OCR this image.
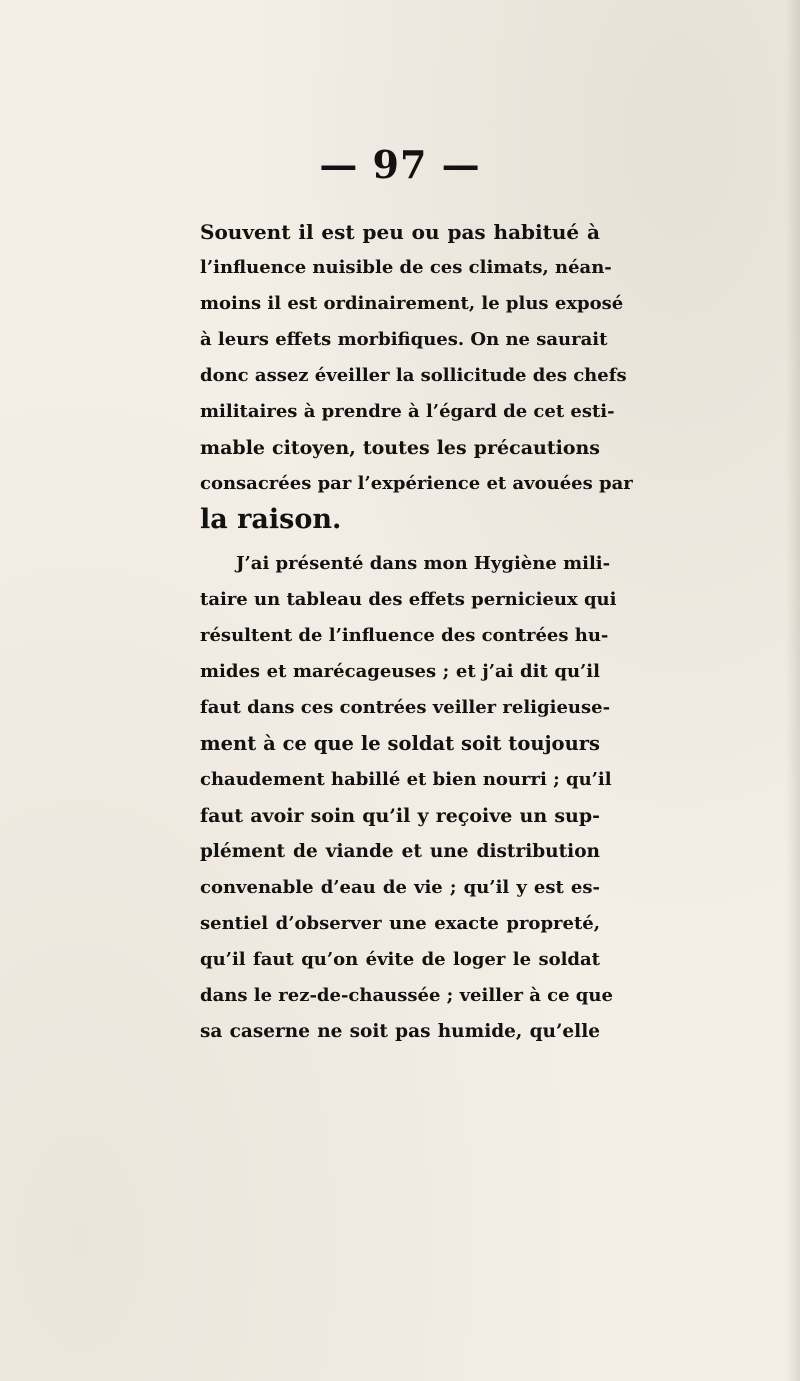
— 97 —
Souvent il est peu ou pas habitué à
l’influence nuisible de ces climats, néan-
moins il est ordinairement, le plus exposé
à leurs effets morbifiques. On ne saurait
donc assez éveiller la sollicitude des chefs
militaires à prendre à l’égard de cet esti-
mable citoyen, toutes les précautions
consacrées par l’expérience et avouées par
la raison.
J’ai présenté dans mon Hygiène mili-
taire un tableau des effets pernicieux qui
résultent de l’influence des contrées hu-
mides et marécageuses ; et j’ai dit qu’il
faut dans ces contrées veiller religieuse-
ment à ce que le soldat soit toujours
chaudement habillé et bien nourri ; qu’il
faut avoir soin qu’il y reçoive un sup-
plément de viande et une distribution
convenable d’eau de vie ; qu’il y est es-
sentiel d’observer une exacte propreté,
qu’il faut qu’on évite de loger le soldat
dans le rez-de-chaussée ; veiller à ce que
sa caserne ne soit pas humide, qu’elle
